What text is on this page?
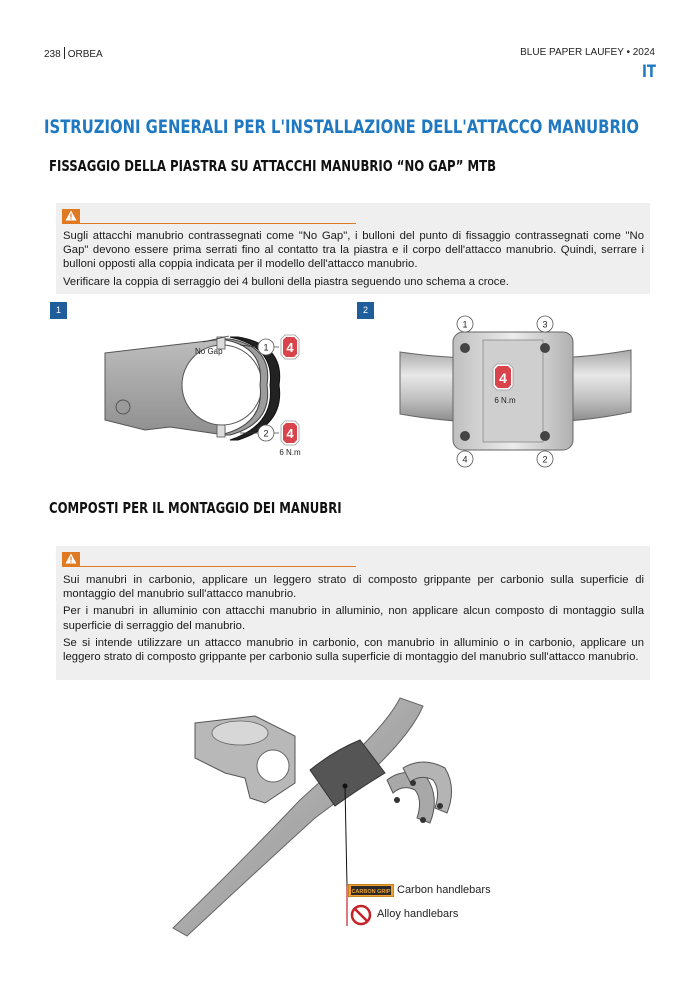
238 ORBEA	BLUE PAPER LAUFEY • 2024
IT
ISTRUZIONI GENERALI PER L'INSTALLAZIONE DELL'ATTACCO MANUBRIO
FISSAGGIO DELLA PIASTRA SU ATTACCHI MANUBRIO “NO GAP” MTB

Sugli attacchi manubrio contrassegnati come "No Gap", i bulloni del punto di fissaggio contrassegnati come "No Gap" devono essere prima serrati fino al contatto tra la piastra e il corpo dell'attacco manubrio. Quindi, serrare i bulloni opposti alla coppia indicata per il modello dell'attacco manubrio.

Verificare la coppia di serraggio dei 4 bulloni della piastra seguendo uno schema a croce.

1
No Gap	1 4
2 4
6 N.m
2
1	3
4	2
4
6 N.m
COMPOSTI PER IL MONTAGGIO DEI MANUBRI

Sui manubri in carbonio, applicare un leggero strato di composto grippante per carbonio sulla superficie di montaggio del manubrio sull'attacco manubrio.

Per i manubri in alluminio con attacchi manubrio in alluminio, non applicare alcun composto di montaggio sulla superficie di serraggio del manubrio.

Se si intende utilizzare un attacco manubrio in carbonio, con manubrio in alluminio o in carbonio, applicare un leggero strato di composto grippante per carbonio sulla superficie di montaggio del manubrio sull'attacco manubrio.

CARBON GRIP Carbon handlebars
Alloy handlebars
